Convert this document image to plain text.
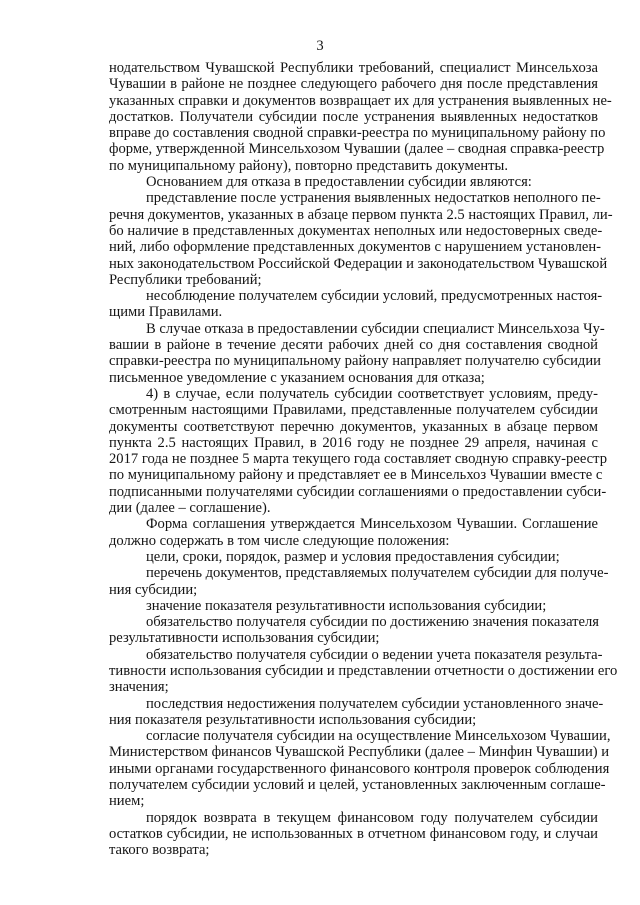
3
нодательством Чувашской Республики требований, специалист Минсельхоза
Чувашии в районе не позднее следующего рабочего дня после представления
указанных справки и документов возвращает их для устранения выявленных не-
достатков. Получатели субсидии после устранения выявленных недостатков
вправе до составления сводной справки-реестра по муниципальному району по
форме, утвержденной Минсельхозом Чувашии (далее – сводная справка-реестр
по муниципальному району), повторно представить документы.
Основанием для отказа в предоставлении субсидии являются:
представление после устранения выявленных недостатков неполного пе-
речня документов, указанных в абзаце первом пункта 2.5 настоящих Правил, ли-
бо наличие в представленных документах неполных или недостоверных сведе-
ний, либо оформление представленных документов с нарушением установлен-
ных законодательством Российской Федерации и законодательством Чувашской
Республики требований;
несоблюдение получателем субсидии условий, предусмотренных настоя-
щими Правилами.
В случае отказа в предоставлении субсидии специалист Минсельхоза Чу-
вашии в районе в течение десяти рабочих дней со дня составления сводной
справки-реестра по муниципальному району направляет получателю субсидии
письменное уведомление с указанием основания для отказа;
4) в случае, если получатель субсидии соответствует условиям, преду-
смотренным настоящими Правилами, представленные получателем субсидии
документы соответствуют перечню документов, указанных в абзаце первом
пункта 2.5 настоящих Правил, в 2016 году не позднее 29 апреля, начиная с
2017 года не позднее 5 марта текущего года составляет сводную справку-реестр
по муниципальному району и представляет ее в Минсельхоз Чувашии вместе с
подписанными получателями субсидии соглашениями о предоставлении субси-
дии (далее – соглашение).
Форма соглашения утверждается Минсельхозом Чувашии. Соглашение
должно содержать в том числе следующие положения:
цели, сроки, порядок, размер и условия предоставления субсидии;
перечень документов, представляемых получателем субсидии для получе-
ния субсидии;
значение показателя результативности использования субсидии;
обязательство получателя субсидии по достижению значения показателя
результативности использования субсидии;
обязательство получателя субсидии о ведении учета показателя результа-
тивности использования субсидии и представлении отчетности о достижении его
значения;
последствия недостижения получателем субсидии установленного значе-
ния показателя результативности использования субсидии;
согласие получателя субсидии на осуществление Минсельхозом Чувашии,
Министерством финансов Чувашской Республики (далее – Минфин Чувашии) и
иными органами государственного финансового контроля проверок соблюдения
получателем субсидии условий и целей, установленных заключенным соглаше-
нием;
порядок возврата в текущем финансовом году получателем субсидии
остатков субсидии, не использованных в отчетном финансовом году, и случаи
такого возврата;
